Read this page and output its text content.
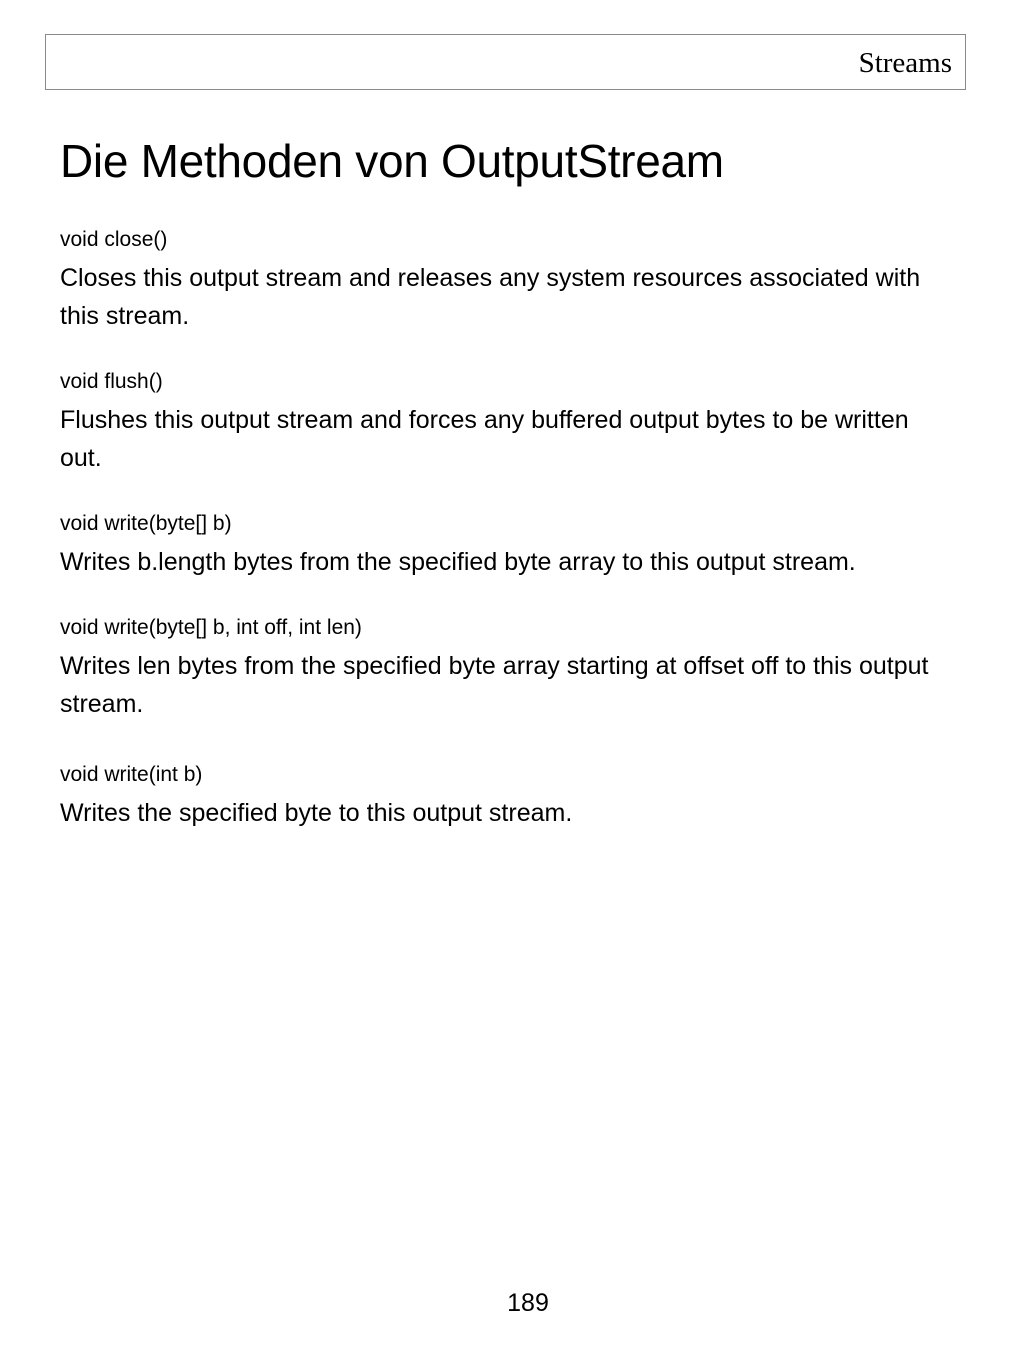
Streams
Die Methoden von OutputStream

void close()

Closes this output stream and releases any system resources associated with this stream.

void flush()

Flushes this output stream and forces any buffered output bytes to be written out.

void write(byte[] b)

Writes b.length bytes from the specified byte array to this output stream.

void write(byte[] b, int off, int len)

Writes len bytes from the specified byte array starting at offset off to this output stream.

void write(int b)

Writes the specified byte to this output stream.

189
